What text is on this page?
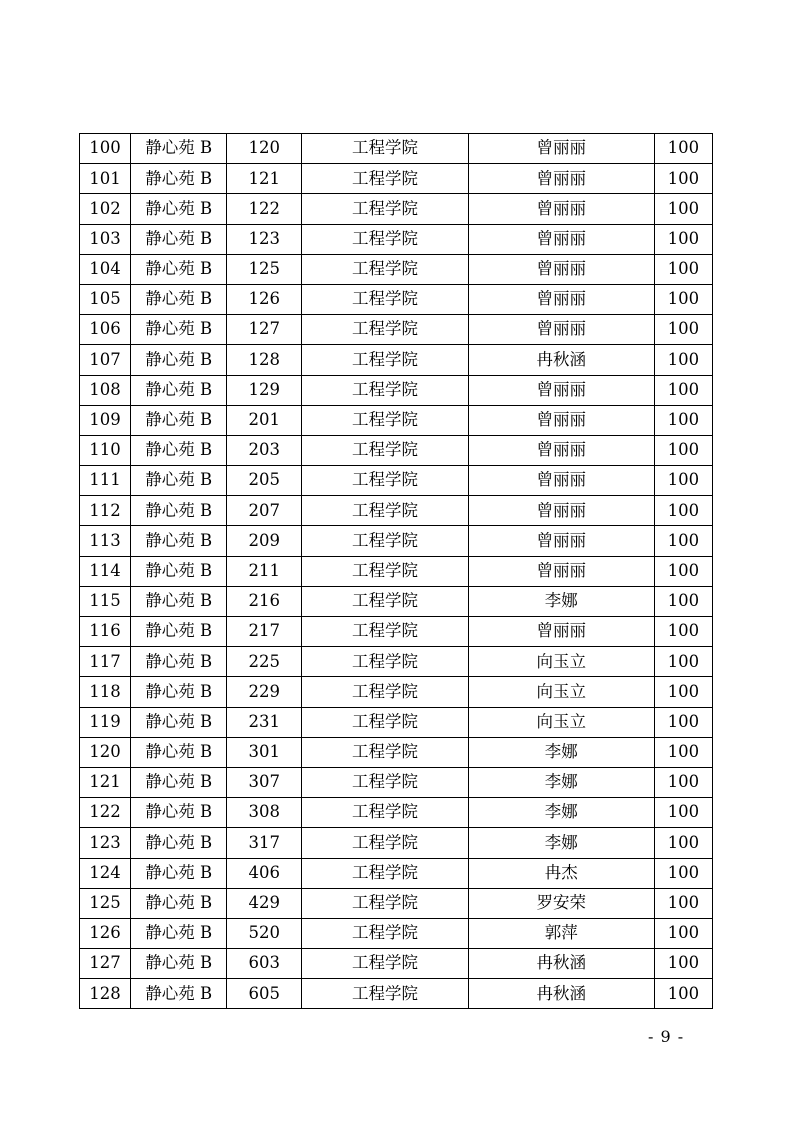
100	静心苑 B	120	工程学院	曾丽丽	100
101	静心苑 B	121	工程学院	曾丽丽	100
102	静心苑 B	122	工程学院	曾丽丽	100
103	静心苑 B	123	工程学院	曾丽丽	100
104	静心苑 B	125	工程学院	曾丽丽	100
105	静心苑 B	126	工程学院	曾丽丽	100
106	静心苑 B	127	工程学院	曾丽丽	100
107	静心苑 B	128	工程学院	冉秋涵	100
108	静心苑 B	129	工程学院	曾丽丽	100
109	静心苑 B	201	工程学院	曾丽丽	100
110	静心苑 B	203	工程学院	曾丽丽	100
111	静心苑 B	205	工程学院	曾丽丽	100
112	静心苑 B	207	工程学院	曾丽丽	100
113	静心苑 B	209	工程学院	曾丽丽	100
114	静心苑 B	211	工程学院	曾丽丽	100
115	静心苑 B	216	工程学院	李娜	100
116	静心苑 B	217	工程学院	曾丽丽	100
117	静心苑 B	225	工程学院	向玉立	100
118	静心苑 B	229	工程学院	向玉立	100
119	静心苑 B	231	工程学院	向玉立	100
120	静心苑 B	301	工程学院	李娜	100
121	静心苑 B	307	工程学院	李娜	100
122	静心苑 B	308	工程学院	李娜	100
123	静心苑 B	317	工程学院	李娜	100
124	静心苑 B	406	工程学院	冉杰	100
125	静心苑 B	429	工程学院	罗安荣	100
126	静心苑 B	520	工程学院	郭萍	100
127	静心苑 B	603	工程学院	冉秋涵	100
128	静心苑 B	605	工程学院	冉秋涵	100
- 9 -
